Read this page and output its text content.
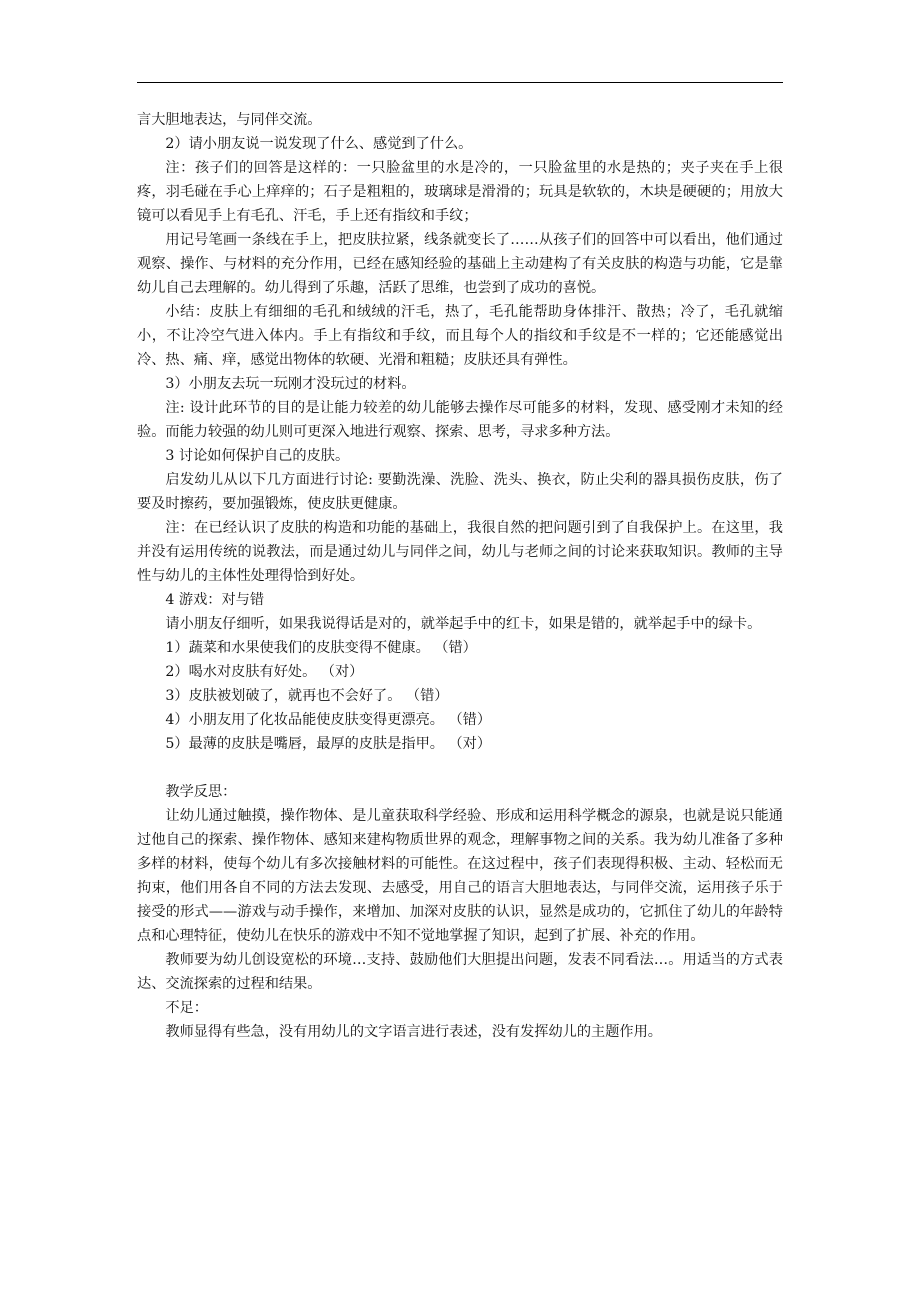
言大胆地表达，与同伴交流。

2）请小朋友说一说发现了什么、感觉到了什么。

注：孩子们的回答是这样的：一只脸盆里的水是冷的，一只脸盆里的水是热的；夹子夹在手上很疼，羽毛碰在手心上痒痒的；石子是粗粗的，玻璃球是滑滑的；玩具是软软的，木块是硬硬的；用放大镜可以看见手上有毛孔、汗毛，手上还有指纹和手纹；

用记号笔画一条线在手上，把皮肤拉紧，线条就变长了……从孩子们的回答中可以看出，他们通过观察、操作、与材料的充分作用，已经在感知经验的基础上主动建构了有关皮肤的构造与功能，它是靠幼儿自己去理解的。幼儿得到了乐趣，活跃了思维，也尝到了成功的喜悦。

小结：皮肤上有细细的毛孔和绒绒的汗毛，热了，毛孔能帮助身体排汗、散热；冷了，毛孔就缩小，不让冷空气进入体内。手上有指纹和手纹，而且每个人的指纹和手纹是不一样的；它还能感觉出冷、热、痛、痒，感觉出物体的软硬、光滑和粗糙；皮肤还具有弹性。

3）小朋友去玩一玩刚才没玩过的材料。

注: 设计此环节的目的是让能力较差的幼儿能够去操作尽可能多的材料，发现、感受刚才未知的经验。而能力较强的幼儿则可更深入地进行观察、探索、思考，寻求多种方法。

3 讨论如何保护自己的皮肤。

启发幼儿从以下几方面进行讨论: 要勤洗澡、洗脸、洗头、换衣，防止尖利的器具损伤皮肤，伤了要及时擦药，要加强锻炼，使皮肤更健康。

注：在已经认识了皮肤的构造和功能的基础上，我很自然的把问题引到了自我保护上。在这里，我并没有运用传统的说教法，而是通过幼儿与同伴之间，幼儿与老师之间的讨论来获取知识。教师的主导性与幼儿的主体性处理得恰到好处。

4 游戏：对与错

请小朋友仔细听，如果我说得话是对的，就举起手中的红卡，如果是错的，就举起手中的绿卡。

1）蔬菜和水果使我们的皮肤变得不健康。 （错）

2）喝水对皮肤有好处。 （对）

3）皮肤被划破了，就再也不会好了。 （错）

4）小朋友用了化妆品能使皮肤变得更漂亮。 （错）

5）最薄的皮肤是嘴唇，最厚的皮肤是指甲。 （对）

教学反思：

让幼儿通过触摸，操作物体、是儿童获取科学经验、形成和运用科学概念的源泉，也就是说只能通过他自己的探索、操作物体、感知来建构物质世界的观念，理解事物之间的关系。我为幼儿准备了多种多样的材料，使每个幼儿有多次接触材料的可能性。在这过程中，孩子们表现得积极、主动、轻松而无拘束，他们用各自不同的方法去发现、去感受，用自己的语言大胆地表达，与同伴交流，运用孩子乐于接受的形式——游戏与动手操作，来增加、加深对皮肤的认识，显然是成功的，它抓住了幼儿的年龄特点和心理特征，使幼儿在快乐的游戏中不知不觉地掌握了知识，起到了扩展、补充的作用。

教师要为幼儿创设宽松的环境…支持、鼓励他们大胆提出问题，发表不同看法…。用适当的方式表达、交流探索的过程和结果。

不足：

教师显得有些急，没有用幼儿的文字语言进行表述，没有发挥幼儿的主题作用。
